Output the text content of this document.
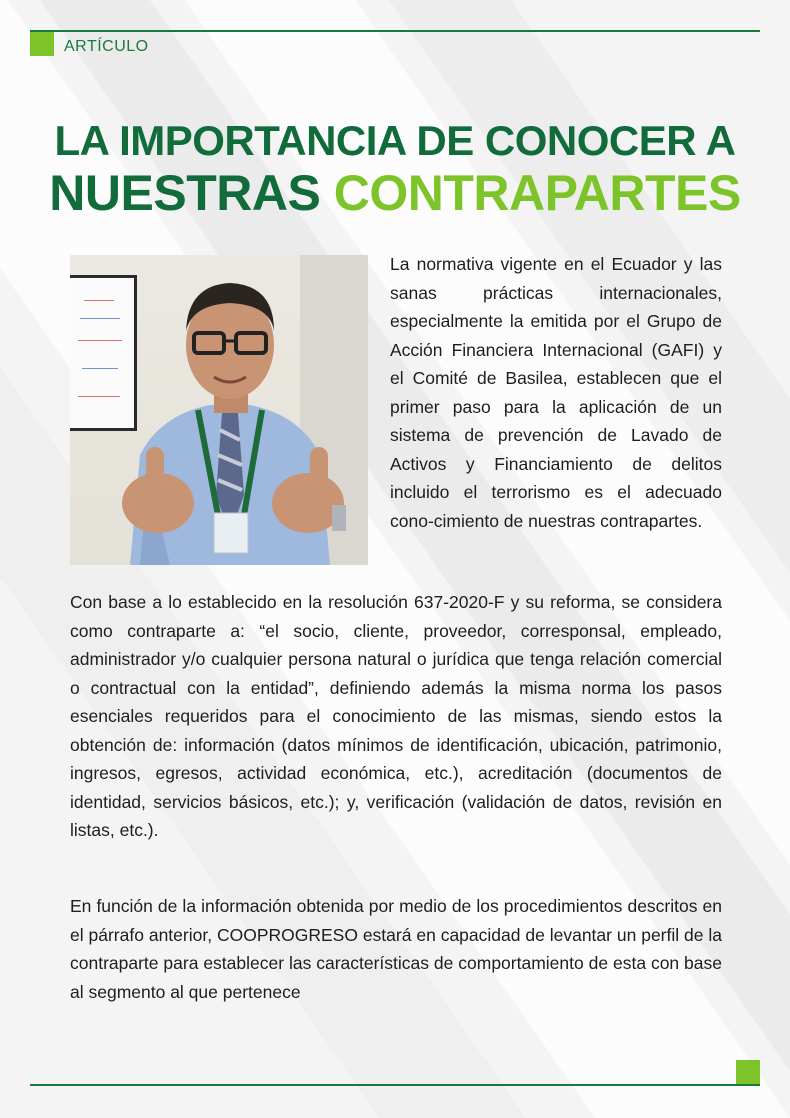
ARTÍCULO
LA IMPORTANCIA DE CONOCER A
NUESTRAS CONTRAPARTES

La normativa vigente en el Ecuador y las sanas prácticas internacionales, especialmente la emitida por el Grupo de Acción Financiera Internacional (GAFI) y el Comité de Basilea, establecen que el primer paso para la aplicación de un sistema de prevención de Lavado de Activos y Financiamiento de delitos incluido el terrorismo es el adecuado cono-cimiento de nuestras contrapartes.

Con base a lo establecido en la resolución 637-2020-F y su reforma, se considera como contraparte a: “el socio, cliente, proveedor, corresponsal, empleado, administrador y/o cualquier persona natural o jurídica que tenga relación comercial o contractual con la entidad”, definiendo además la misma norma los pasos esenciales requeridos para el conocimiento de las mismas, siendo estos la obtención de: información (datos mínimos de identificación, ubicación, patrimonio, ingresos, egresos, actividad económica, etc.), acreditación (documentos de identidad, servicios básicos, etc.); y, verificación (validación de datos, revisión en listas, etc.).

En función de la información obtenida por medio de los procedimientos descritos en el párrafo anterior, COOPROGRESO estará en capacidad de levantar un perfil de la contraparte para establecer las características de comportamiento de esta con base al segmento al que pertenece
